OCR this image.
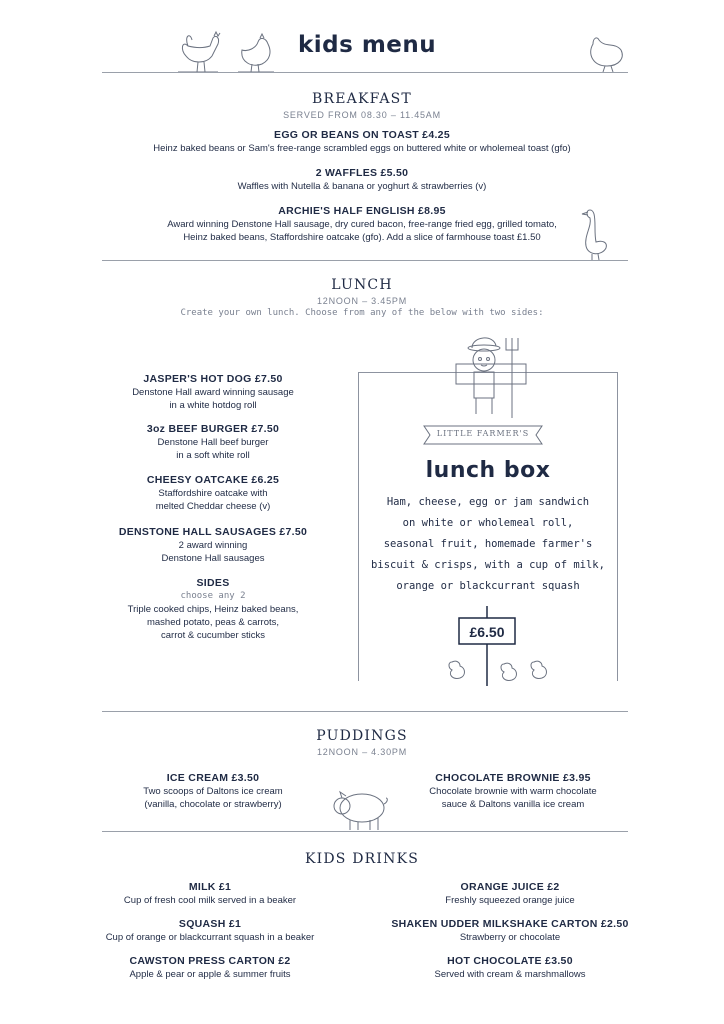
kids menu
BREAKFAST
SERVED FROM 08.30 – 11.45AM
EGG OR BEANS ON TOAST £4.25
Heinz baked beans or Sam's free-range scrambled eggs on buttered white or wholemeal toast (gfo)
2 WAFFLES £5.50
Waffles with Nutella & banana or yoghurt & strawberries (v)
ARCHIE'S HALF ENGLISH £8.95
Award winning Denstone Hall sausage, dry cured bacon, free-range fried egg, grilled tomato,
Heinz baked beans, Staffordshire oatcake (gfo). Add a slice of farmhouse toast £1.50
LUNCH
12NOON – 3.45PM
Create your own lunch. Choose from any of the below with two sides:
JASPER'S HOT DOG £7.50
Denstone Hall award winning sausage
in a white hotdog roll
3oz BEEF BURGER £7.50
Denstone Hall beef burger
in a soft white roll
CHEESY OATCAKE £6.25
Staffordshire oatcake with
melted Cheddar cheese (v)
DENSTONE HALL SAUSAGES £7.50
2 award winning
Denstone Hall sausages
SIDES
choose any 2
Triple cooked chips, Heinz baked beans,
mashed potato, peas & carrots,
carrot & cucumber sticks
LITTLE FARMER'S
lunch box
Ham, cheese, egg or jam sandwich
on white or wholemeal roll,
seasonal fruit, homemade farmer's
biscuit & crisps, with a cup of milk,
orange or blackcurrant squash
£6.50
PUDDINGS
12NOON – 4.30PM
ICE CREAM £3.50
Two scoops of Daltons ice cream
(vanilla, chocolate or strawberry)
CHOCOLATE BROWNIE £3.95
Chocolate brownie with warm chocolate
sauce & Daltons vanilla ice cream
KIDS DRINKS
MILK £1
Cup of fresh cool milk served in a beaker
ORANGE JUICE £2
Freshly squeezed orange juice
SQUASH £1
Cup of orange or blackcurrant squash in a beaker
SHAKEN UDDER MILKSHAKE CARTON £2.50
Strawberry or chocolate
CAWSTON PRESS CARTON £2
Apple & pear or apple & summer fruits
HOT CHOCOLATE £3.50
Served with cream & marshmallows
